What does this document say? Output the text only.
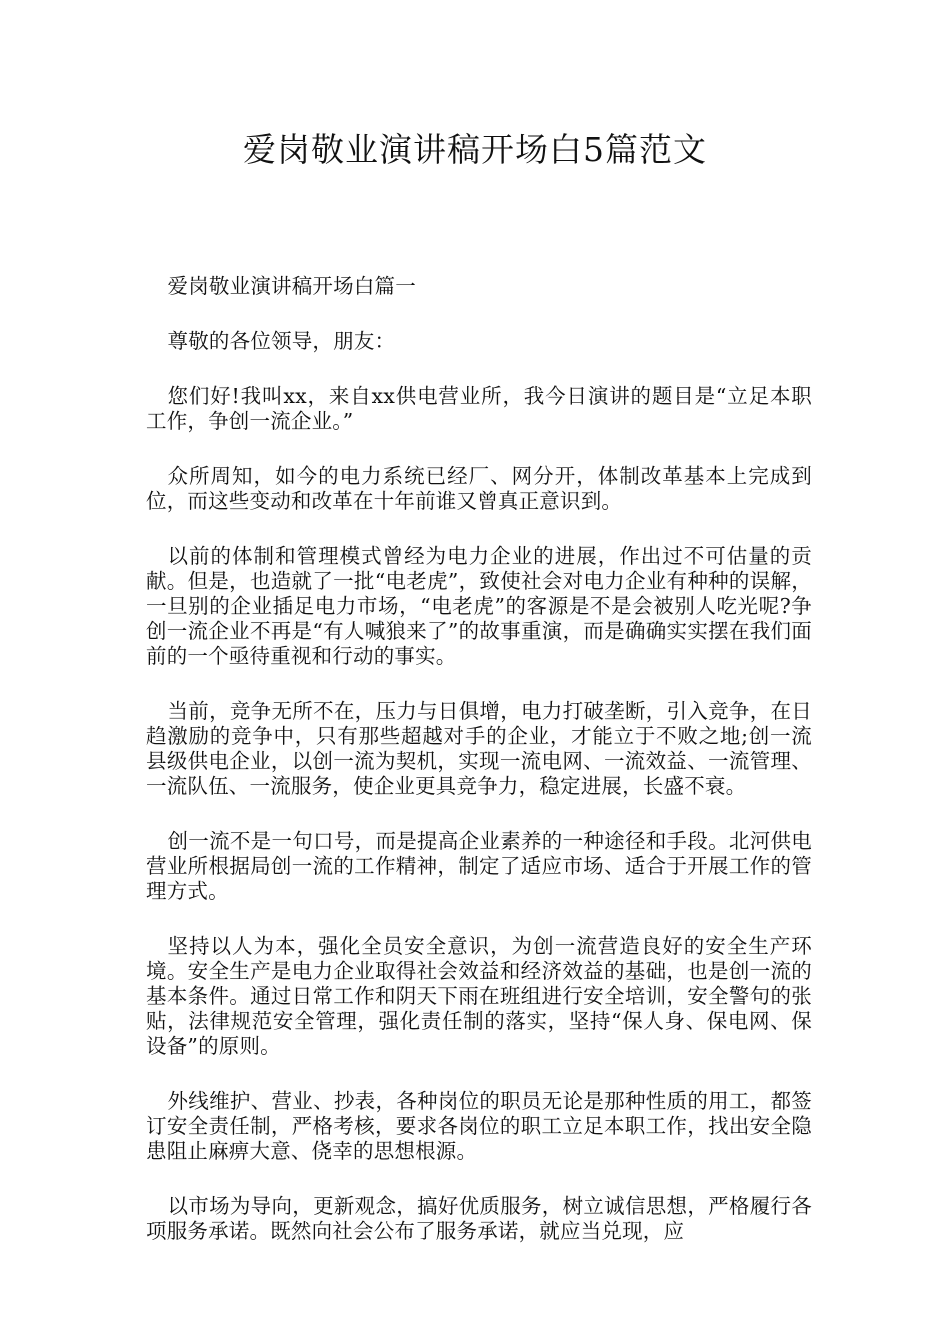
爱岗敬业演讲稿开场白5篇范文

爱岗敬业演讲稿开场白篇一

尊敬的各位领导，朋友：

您们好!我叫xx，来自xx供电营业所，我今日演讲的题目是“立足本职工作，争创一流企业。”

众所周知，如今的电力系统已经厂、网分开，体制改革基本上完成到位，而这些变动和改革在十年前谁又曾真正意识到。

以前的体制和管理模式曾经为电力企业的进展，作出过不可估量的贡献。但是，也造就了一批“电老虎”，致使社会对电力企业有种种的误解，一旦别的企业插足电力市场，“电老虎”的客源是不是会被别人吃光呢?争创一流企业不再是“有人喊狼来了”的故事重演，而是确确实实摆在我们面前的一个亟待重视和行动的事实。

当前，竞争无所不在，压力与日俱增，电力打破垄断，引入竞争，在日趋激励的竞争中，只有那些超越对手的企业，才能立于不败之地;创一流县级供电企业，以创一流为契机，实现一流电网、一流效益、一流管理、一流队伍、一流服务，使企业更具竞争力，稳定进展，长盛不衰。

创一流不是一句口号，而是提高企业素养的一种途径和手段。北河供电营业所根据局创一流的工作精神，制定了适应市场、适合于开展工作的管理方式。

坚持以人为本，强化全员安全意识，为创一流营造良好的安全生产环境。安全生产是电力企业取得社会效益和经济效益的基础，也是创一流的基本条件。通过日常工作和阴天下雨在班组进行安全培训，安全警句的张贴，法律规范安全管理，强化责任制的落实，坚持“保人身、保电网、保设备”的原则。

外线维护、营业、抄表，各种岗位的职员无论是那种性质的用工，都签订安全责任制，严格考核，要求各岗位的职工立足本职工作，找出安全隐患阻止麻痹大意、侥幸的思想根源。

以市场为导向，更新观念，搞好优质服务，树立诚信思想，严格履行各项服务承诺。既然向社会公布了服务承诺，就应当兑现，应
